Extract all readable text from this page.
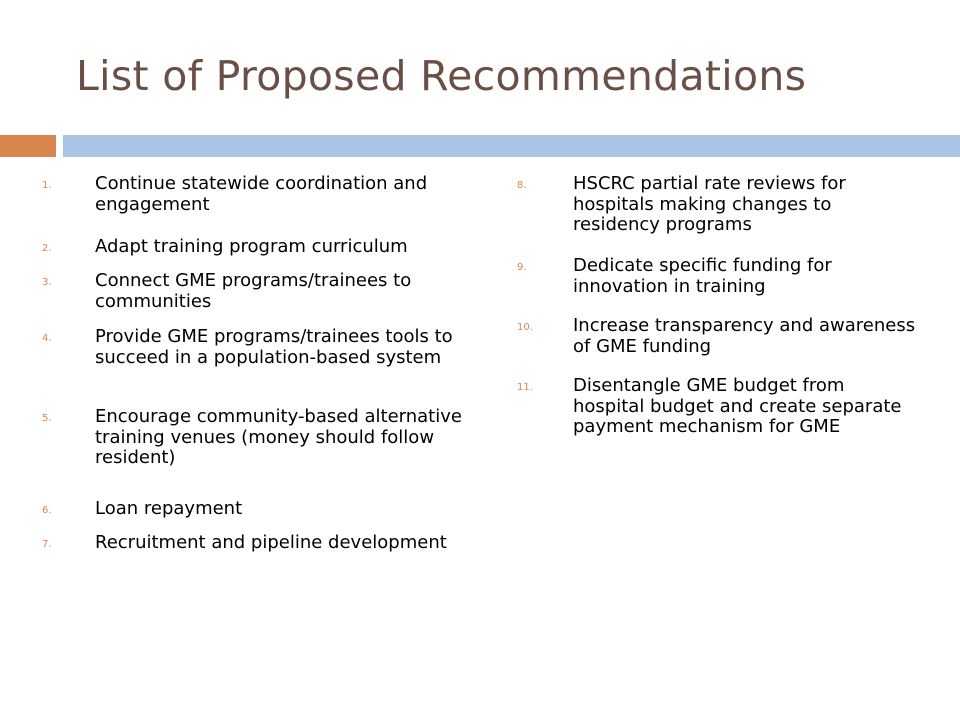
List of Proposed Recommendations
1. Continue statewide coordination and engagement
2. Adapt training program curriculum
3. Connect GME programs/trainees to communities
4. Provide GME programs/trainees tools to succeed in a population-based system
5. Encourage community-based alternative training venues (money should follow resident)
6. Loan repayment
7. Recruitment and pipeline development
8.	HSCRC partial rate reviews for hospitals making changes to residency programs
9.	Dedicate specific funding for innovation in training
10. Increase transparency and awareness of GME funding
11. Disentangle GME budget from hospital budget and create separate payment mechanism for GME
